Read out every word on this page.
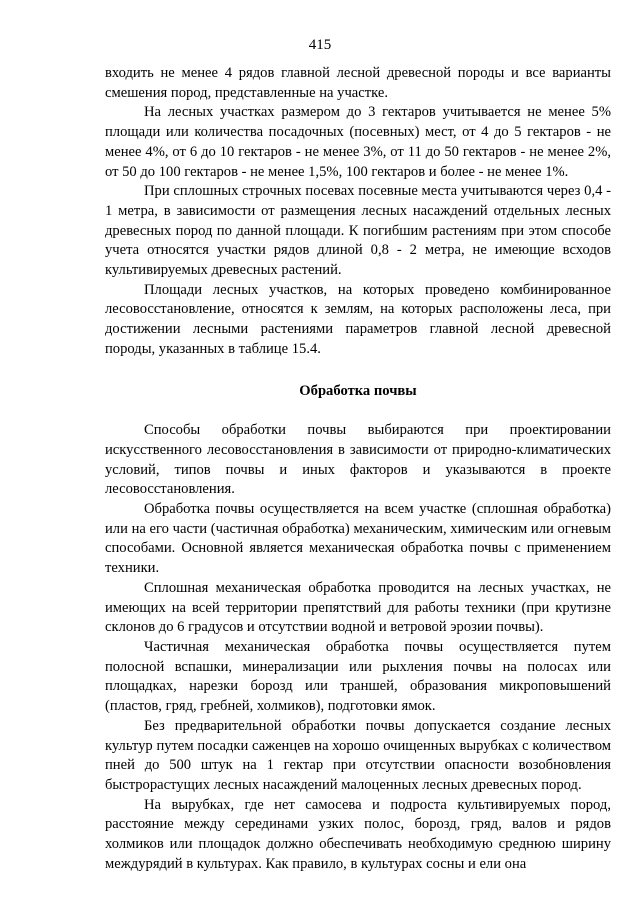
415

входить не менее 4 рядов главной лесной древесной породы и все варианты смешения пород, представленные на участке.

На лесных участках размером до 3 гектаров учитывается не менее 5% площади или количества посадочных (посевных) мест, от 4 до 5 гектаров - не менее 4%, от 6 до 10 гектаров - не менее 3%, от 11 до 50 гектаров - не менее 2%, от 50 до 100 гектаров - не менее 1,5%, 100 гектаров и более - не менее 1%.

При сплошных строчных посевах посевные места учитываются через 0,4 - 1 метра, в зависимости от размещения лесных насаждений отдельных лесных древесных пород по данной площади. К погибшим растениям при этом способе учета относятся участки рядов длиной 0,8 - 2 метра, не имеющие всходов культивируемых древесных растений.

Площади лесных участков, на которых проведено комбинированное лесовосстановление, относятся к землям, на которых расположены леса, при достижении лесными растениями параметров главной лесной древесной породы, указанных в таблице 15.4.

Обработка почвы

Способы обработки почвы выбираются при проектировании искусственного лесовосстановления в зависимости от природно-климатических условий, типов почвы и иных факторов и указываются в проекте лесовосстановления.

Обработка почвы осуществляется на всем участке (сплошная обработка) или на его части (частичная обработка) механическим, химическим или огневым способами. Основной является механическая обработка почвы с применением техники.

Сплошная механическая обработка проводится на лесных участках, не имеющих на всей территории препятствий для работы техники (при крутизне склонов до 6 градусов и отсутствии водной и ветровой эрозии почвы).

Частичная механическая обработка почвы осуществляется путем полосной вспашки, минерализации или рыхления почвы на полосах или площадках, нарезки борозд или траншей, образования микроповышений (пластов, гряд, гребней, холмиков), подготовки ямок.

Без предварительной обработки почвы допускается создание лесных культур путем посадки саженцев на хорошо очищенных вырубках с количеством пней до 500 штук на 1 гектар при отсутствии опасности возобновления быстрорастущих лесных насаждений малоценных лесных древесных пород.

На вырубках, где нет самосева и подроста культивируемых пород, расстояние между серединами узких полос, борозд, гряд, валов и рядов холмиков или площадок должно обеспечивать необходимую среднюю ширину междурядий в культурах. Как правило, в культурах сосны и ели она
